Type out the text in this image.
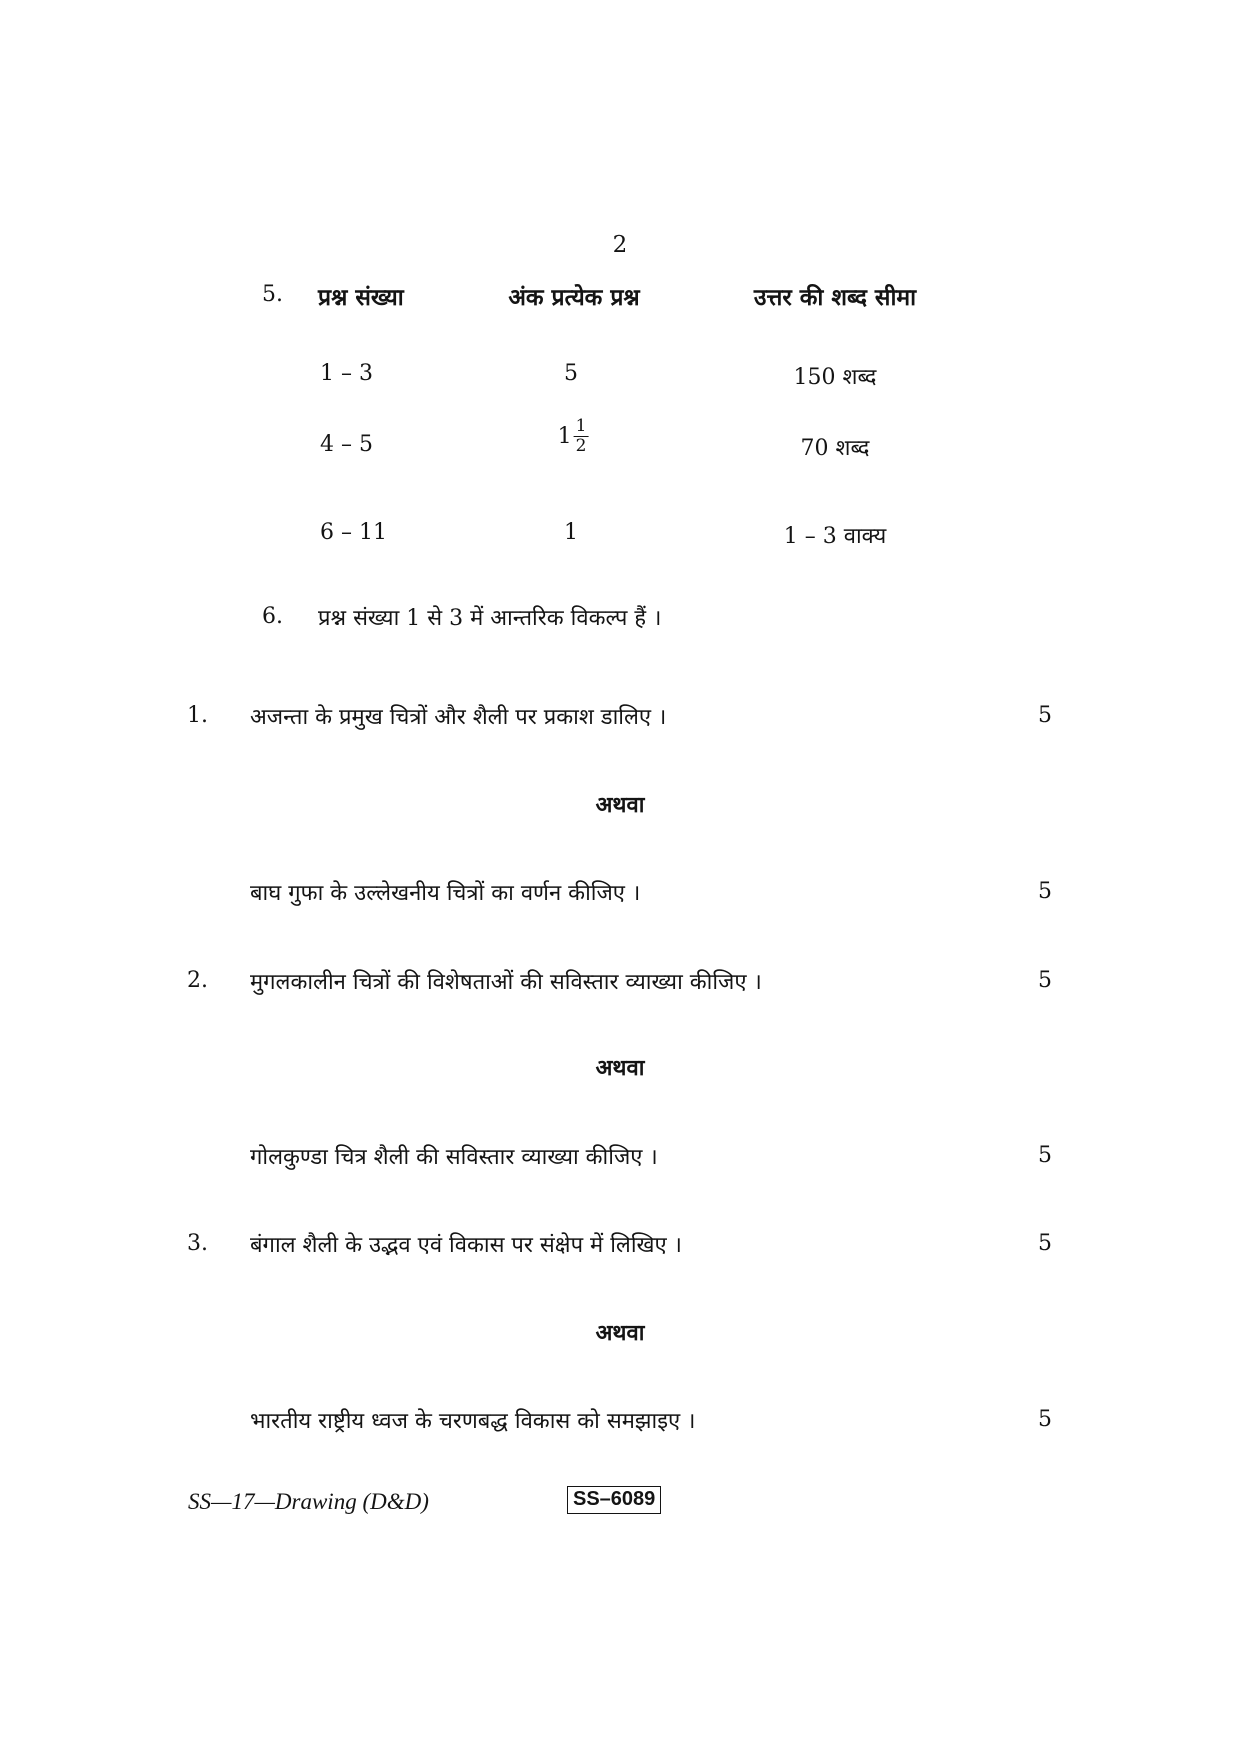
2
5. प्रश्न संख्या	अंक प्रत्येक प्रश्न	उत्तर की शब्द सीमा
1 – 3	5	150 शब्द
4 – 5	$1 \frac{1}{2}$	70 शब्द
6 – 11	1	1 – 3 वाक्य
6. प्रश्न संख्या 1 से 3 में आन्तरिक विकल्प हैं ।
1. अजन्ता के प्रमुख चित्रों और शैली पर प्रकाश डालिए ।	5
अथवा
बाघ गुफा के उल्लेखनीय चित्रों का वर्णन कीजिए ।	5
2. मुगलकालीन चित्रों की विशेषताओं की सविस्तार व्याख्या कीजिए ।	5
अथवा
गोलकुण्डा चित्र शैली की सविस्तार व्याख्या कीजिए ।	5
3. बंगाल शैली के उद्भव एवं विकास पर संक्षेप में लिखिए ।	5
अथवा
भारतीय राष्ट्रीय ध्वज के चरणबद्ध विकास को समझाइए ।	5
SS—17—Drawing (D&D)	SS–6089
